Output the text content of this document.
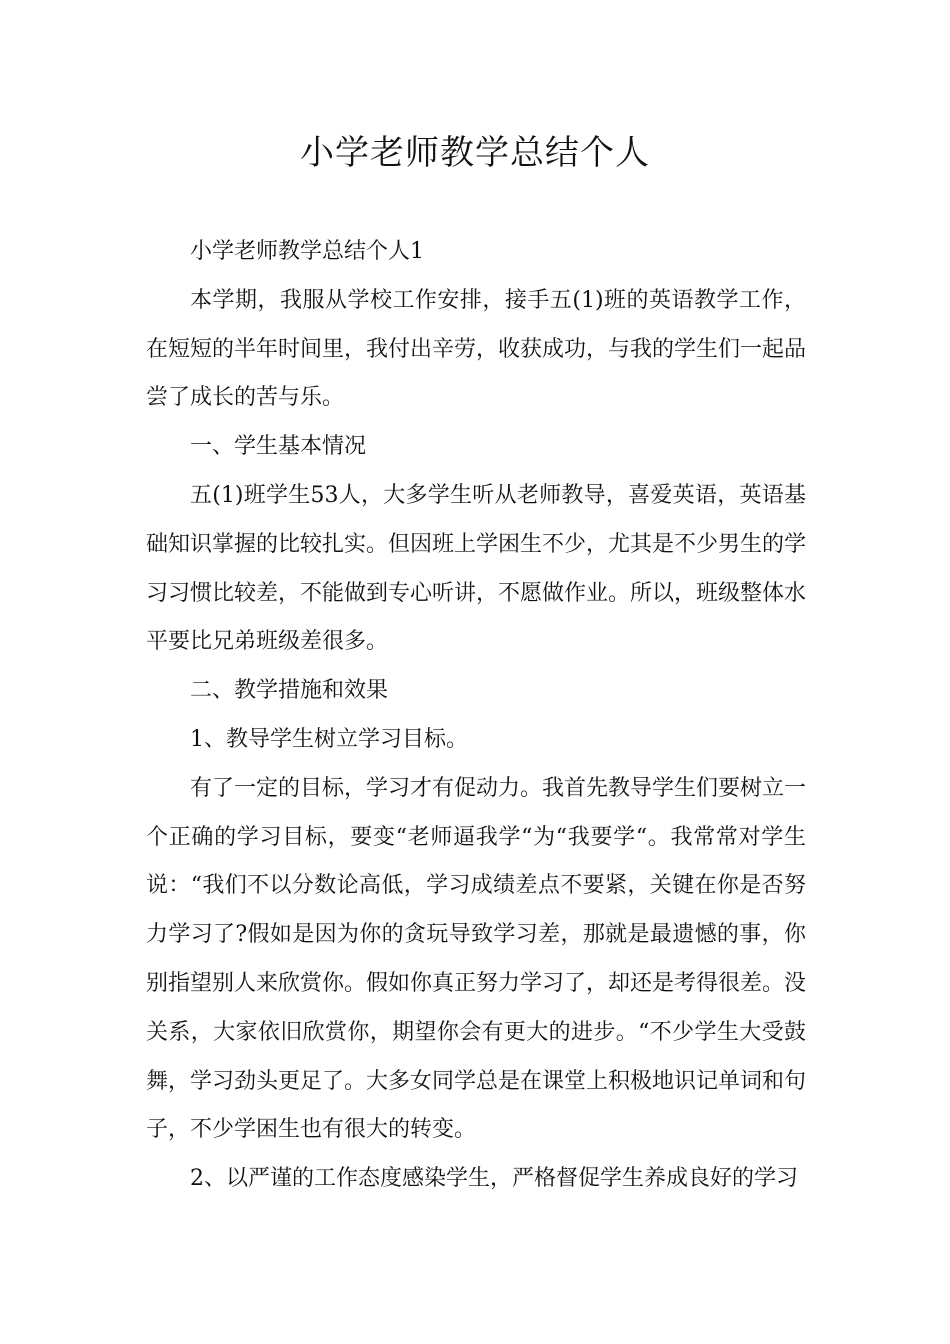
小学老师教学总结个人

小学老师教学总结个人1

本学期，我服从学校工作安排，接手五(1)班的英语教学工作，在短短的半年时间里，我付出辛劳，收获成功，与我的学生们一起品尝了成长的苦与乐。

一、学生基本情况

五(1)班学生53人，大多学生听从老师教导，喜爱英语，英语基础知识掌握的比较扎实。但因班上学困生不少，尤其是不少男生的学习习惯比较差，不能做到专心听讲，不愿做作业。所以，班级整体水平要比兄弟班级差很多。

二、教学措施和效果

1、教导学生树立学习目标。

有了一定的目标，学习才有促动力。我首先教导学生们要树立一个正确的学习目标，要变“老师逼我学“为“我要学“。我常常对学生说：“我们不以分数论高低，学习成绩差点不要紧，关键在你是否努力学习了?假如是因为你的贪玩导致学习差，那就是最遗憾的事，你别指望别人来欣赏你。假如你真正努力学习了，却还是考得很差。没关系，大家依旧欣赏你，期望你会有更大的进步。“不少学生大受鼓舞，学习劲头更足了。大多女同学总是在课堂上积极地识记单词和句子，不少学困生也有很大的转变。

2、以严谨的工作态度感染学生，严格督促学生养成良好的学习
